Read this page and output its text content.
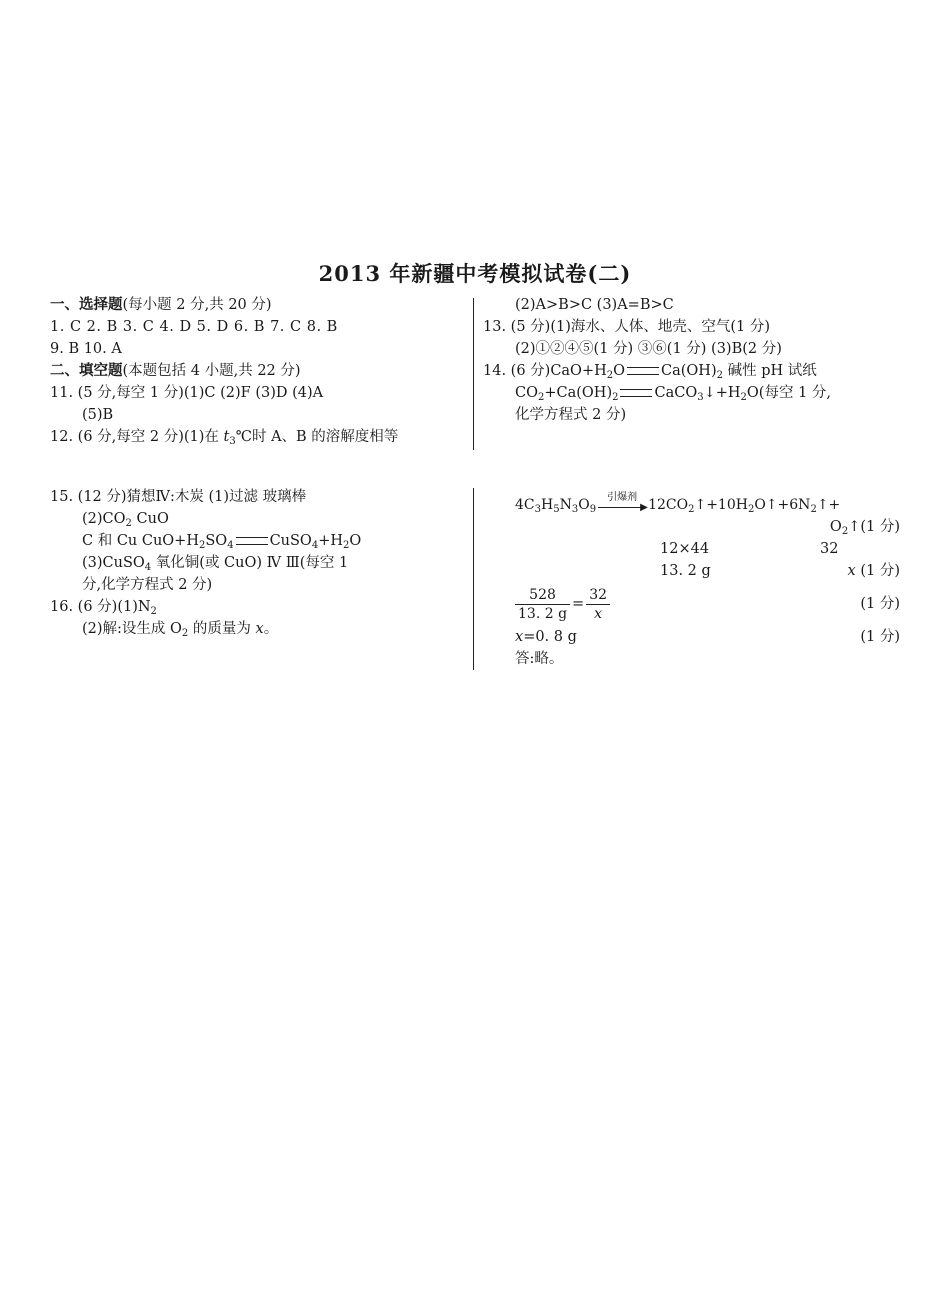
2013 年新疆中考模拟试卷(二)
一、选择题(每小题 2 分,共 20 分)
1. C 2. B 3. C 4. D 5. D 6. B 7. C 8. B
9. B 10. A
二、填空题(本题包括 4 小题,共 22 分)
11. (5 分,每空 1 分)(1)C (2)F (3)D (4)A
(5)B
12. (6 分,每空 2 分)(1)在 $t_3℃$时 A、B 的溶解度相等
(2)A>B>C (3)A=B>C
13. (5 分)(1)海水、人体、地壳、空气(1 分)
(2)①②④⑤(1 分) ③⑥(1 分) (3)B(2 分)
14. (6 分)$CaO+H_2O$ $Ca(OH)_2$ 碱性 pH 试纸
$CO_2+Ca(OH)_2$ $CaCO_3↓+H_2O$(每空 1 分,
化学方程式 2 分)
15. (12 分)猜想Ⅳ:木炭 (1)过滤 玻璃棒
$(2)CO_2$ CuO
C 和 Cu $CuO+H_2SO_4$ $CuSO_4+H_2O$
(3)CuSO$_4$ 氧化铜(或 CuO) Ⅳ Ⅲ(每空 1
分,化学方程式 2 分)
16. (6 分)$(1)N_2$
(2)解:设生成 $O_2$ 的质量为 x。
$4C_3H_5N_3O_9$
引爆剂
▶ $12CO_2↑+10H_2O↑+6N_2↑+$
$O_2↑(1$ 分)
12×44	32
13. 2 g	x (1 分)
$\frac{528}{13. 2 g} = \frac{32}{x}$	(1 分)
x=0. 8 g	(1 分)
答:略。
